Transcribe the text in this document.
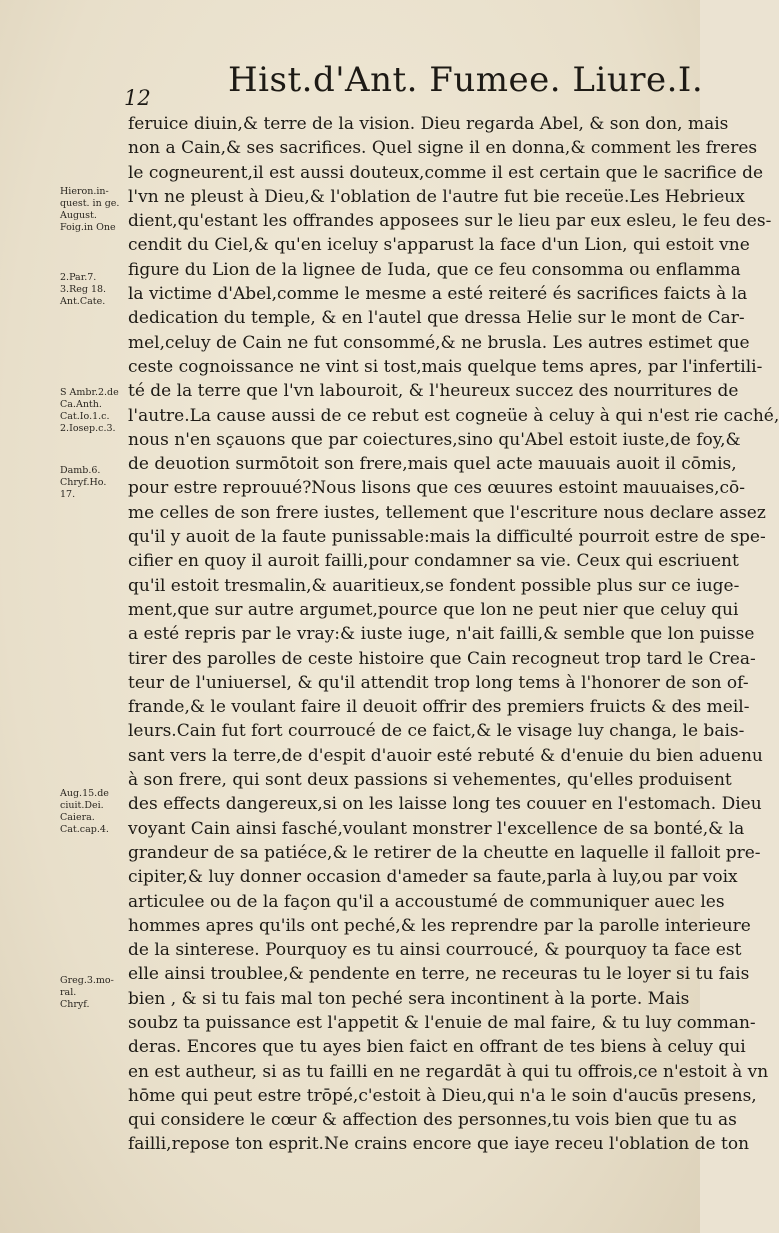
12 Hist.d'Ant. Fumee. Liure.I.
Hieron.in-
quest. in ge.
August.
Foig.in One
2.Par.7.
3.Reg 18.
Ant.Cate.
S Ambr.2.de
Ca.Anth.
Cat.Io.1.c.
2.Iosep.c.3.
Damb.6.
Chryf.Ho.
17.
Aug.15.de
ciuit.Dei.
Caiera.
Cat.cap.4.
Greg.3.mo-
ral.
Chryf.
feruice diuin,& terre de la vision. Dieu regarda Abel, & son don, mais
non a Cain,& ses sacrifices. Quel signe il en donna,& comment les freres
le cogneurent,il est aussi douteux,comme il est certain que le sacrifice de
l'vn ne pleust à Dieu,& l'oblation de l'autre fut bie receüe.Les Hebrieux
dient,qu'estant les offrandes apposees sur le lieu par eux esleu, le feu des-
cendit du Ciel,& qu'en iceluy s'apparust la face d'un Lion, qui estoit vne
figure du Lion de la lignee de Iuda, que ce feu consomma ou enflamma
la victime d'Abel,comme le mesme a esté reiteré és sacrifices faicts à la
dedication du temple, & en l'autel que dressa Helie sur le mont de Car-
mel,celuy de Cain ne fut consommé,& ne brusla. Les autres estimet que
ceste cognoissance ne vint si tost,mais quelque tems apres, par l'infertili-
té de la terre que l'vn labouroit, & l'heureux succez des nourritures de
l'autre.La cause aussi de ce rebut est cogneüe à celuy à qui n'est rie caché,
nous n'en sçauons que par coiectures,sino qu'Abel estoit iuste,de foy,&
de deuotion surmōtoit son frere,mais quel acte mauuais auoit il cōmis,
pour estre reprouué?Nous lisons que ces œuures estoint mauuaises,cō-
me celles de son frere iustes, tellement que l'escriture nous declare assez
qu'il y auoit de la faute punissable:mais la difficulté pourroit estre de spe-
cifier en quoy il auroit failli,pour condamner sa vie. Ceux qui escriuent
qu'il estoit tresmalin,& auaritieux,se fondent possible plus sur ce iuge-
ment,que sur autre argumet,pource que lon ne peut nier que celuy qui
a esté repris par le vray:& iuste iuge, n'ait failli,& semble que lon puisse
tirer des parolles de ceste histoire que Cain recogneut trop tard le Crea-
teur de l'uniuersel, & qu'il attendit trop long tems à l'honorer de son of-
frande,& le voulant faire il deuoit offrir des premiers fruicts & des meil-
leurs.Cain fut fort courroucé de ce faict,& le visage luy changa, le bais-
sant vers la terre,de d'espit d'auoir esté rebuté & d'enuie du bien aduenu
à son frere, qui sont deux passions si vehementes, qu'elles produisent
des effects dangereux,si on les laisse long tes couuer en l'estomach. Dieu
voyant Cain ainsi fasché,voulant monstrer l'excellence de sa bonté,& la
grandeur de sa patiéce,& le retirer de la cheutte en laquelle il falloit pre-
cipiter,& luy donner occasion d'ameder sa faute,parla à luy,ou par voix
articulee ou de la façon qu'il a accoustumé de communiquer auec les
hommes apres qu'ils ont peché,& les reprendre par la parolle interieure
de la sinterese. Pourquoy es tu ainsi courroucé, & pourquoy ta face est
elle ainsi troublee,& pendente en terre, ne receuras tu le loyer si tu fais
bien , & si tu fais mal ton peché sera incontinent à la porte. Mais
soubz ta puissance est l'appetit & l'enuie de mal faire, & tu luy comman-
deras. Encores que tu ayes bien faict en offrant de tes biens à celuy qui
en est autheur, si as tu failli en ne regardāt à qui tu offrois,ce n'estoit à vn
hōme qui peut estre trōpé,c'estoit à Dieu,qui n'a le soin d'aucūs presens,
qui considere le cœur & affection des personnes,tu vois bien que tu as
failli,repose ton esprit.Ne crains encore que iaye receu l'oblation de ton
